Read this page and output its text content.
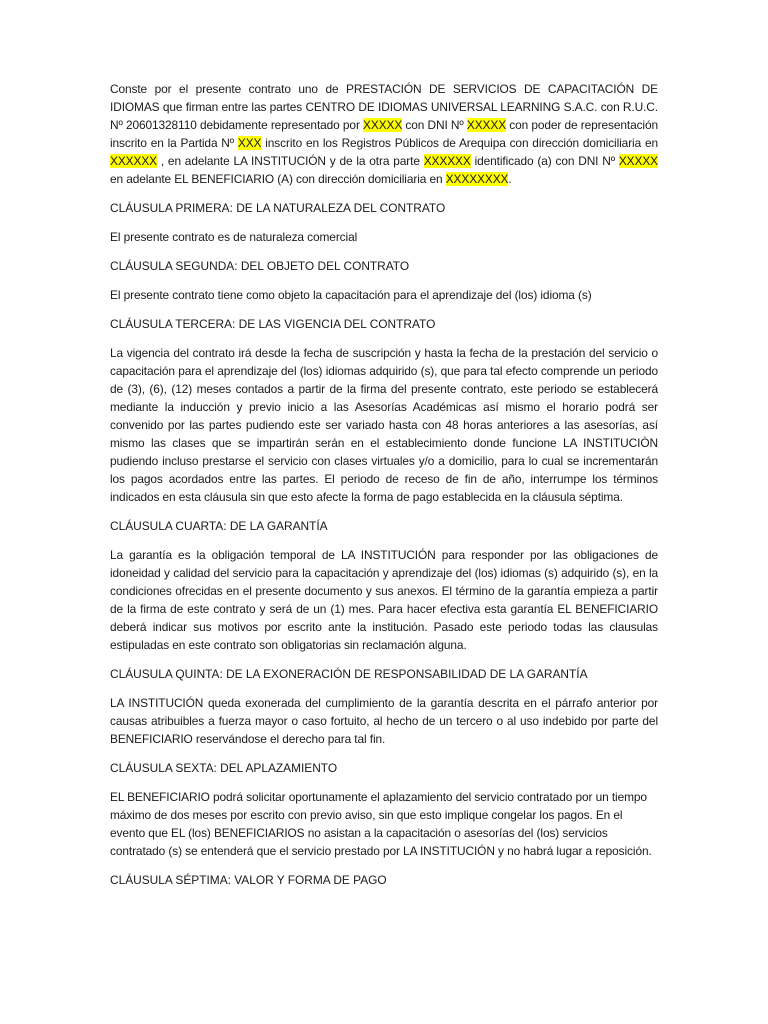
Conste por el presente contrato uno de PRESTACIÓN DE SERVICIOS DE CAPACITACIÓN DE IDIOMAS que firman entre las partes CENTRO DE IDIOMAS UNIVERSAL LEARNING S.A.C. con R.U.C. Nº 20601328110 debidamente representado por XXXXX con DNI Nº XXXXX con poder de representación inscrito en la Partida Nº XXX inscrito en los Registros Públicos de Arequipa con dirección domiciliaria en XXXXXX , en adelante LA INSTITUCIÓN y de la otra parte XXXXXX identificado (a) con DNI Nº XXXXX en adelante EL BENEFICIARIO (A) con dirección domiciliaria en XXXXXXXX.

CLÁUSULA PRIMERA: DE LA NATURALEZA DEL CONTRATO

El presente contrato es de naturaleza comercial

CLÁUSULA SEGUNDA: DEL OBJETO DEL CONTRATO

El presente contrato tiene como objeto la capacitación para el aprendizaje del (los) idioma (s)

CLÁUSULA TERCERA: DE LAS VIGENCIA DEL CONTRATO

La vigencia del contrato irá desde la fecha de suscripción y hasta la fecha de la prestación del servicio o capacitación para el aprendizaje del (los) idiomas adquirido (s), que para tal efecto comprende un periodo de (3), (6), (12) meses contados a partir de la firma del presente contrato, este periodo se establecerá mediante la inducción y previo inicio a las Asesorías Académicas así mismo el horario podrá ser convenido por las partes pudiendo este ser variado hasta con 48 horas anteriores a las asesorías, así mismo las clases que se impartirán serán en el establecimiento donde funcione LA INSTITUCIÒN pudiendo incluso prestarse el servicio con clases virtuales y/o a domicilio, para lo cual se incrementarán los pagos acordados entre las partes. El periodo de receso de fin de año, interrumpe los términos indicados en esta cláusula sin que esto afecte la forma de pago establecida en la cláusula séptima.

CLÁUSULA CUARTA: DE LA GARANTÍA

La garantía es la obligación temporal de LA INSTITUCIÓN para responder por las obligaciones de idoneidad y calidad del servicio para la capacitación y aprendizaje del (los) idiomas (s) adquirido (s), en la condiciones ofrecidas en el presente documento y sus anexos. El término de la garantía empieza a partir de la firma de este contrato y será de un (1) mes. Para hacer efectiva esta garantía EL BENEFICIARIO deberá indicar sus motivos por escrito ante la institución. Pasado este periodo todas las clausulas estipuladas en este contrato son obligatorias sin reclamación alguna.

CLÁUSULA QUINTA: DE LA EXONERACIÓN DE RESPONSABILIDAD DE LA GARANTÍA

LA INSTITUCIÓN queda exonerada del cumplimiento de la garantía descrita en el párrafo anterior por causas atribuibles a fuerza mayor o caso fortuito, al hecho de un tercero o al uso indebido por parte del BENEFICIARIO reservándose el derecho para tal fin.

CLÁUSULA SEXTA: DEL APLAZAMIENTO

EL BENEFICIARIO podrá solicitar oportunamente el aplazamiento del servicio contratado por un tiempo máximo de dos meses por escrito con previo aviso, sin que esto implique congelar los pagos. En el evento que EL (los) BENEFICIARIOS no asistan a la capacitación o asesorías del (los) servicios contratado (s) se entenderá que el servicio prestado por LA INSTITUCIÓN y no habrá lugar a reposición.

CLÁUSULA SÉPTIMA: VALOR Y FORMA DE PAGO
